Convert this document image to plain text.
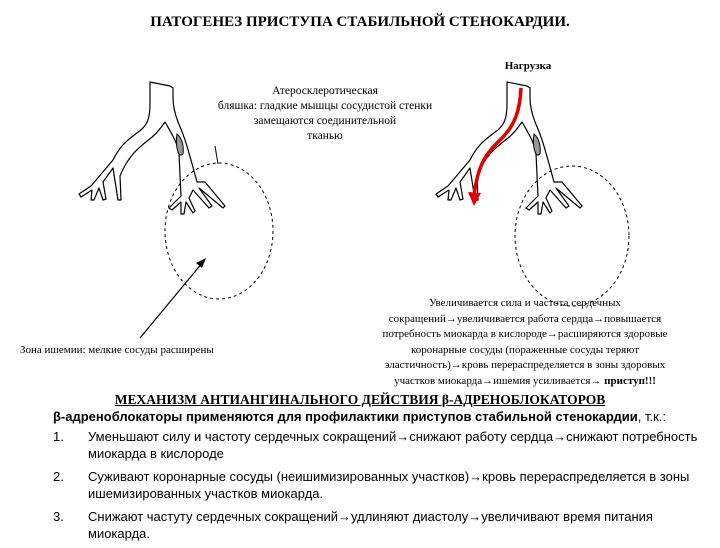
ПАТОГЕНЕЗ ПРИСТУПА СТАБИЛЬНОЙ СТЕНОКАРДИИ.
Атеросклеротическая
бляшка: гладкие мышцы сосудистой стенки
замещаются соединительной
тканью
Нагрузка
Зона ишемии: мелкие сосуды расширены
Увеличивается сила и частота сердечных
сокращений→увеличивается работа сердца→повышается
потребность миокарда в кислороде→расширяются здоровые
коронарные сосуды (пораженные сосуды теряют
эластичность)→кровь перераспределяется в зоны здоровых
участков миокарда→ишемия усиливается→ приступ!!!
МЕХАНИЗМ АНТИАНГИНАЛЬНОГО ДЕЙСТВИЯ β-АДРЕНОБЛОКАТОРОВ
β-адреноблокаторы применяются для профилактики приступов стабильной стенокардии, т.к.:
1.	Уменьшают силу и частоту сердечных сокращений→снижают работу сердца→снижают потребность миокарда в кислороде
2.	Суживают коронарные сосуды (неишимизированных участков)→кровь перераспределяется в зоны ишемизированных участков миокарда.
3.	Снижают частуту сердечных сокращений→удлиняют диастолу→увеличивают время питания миокарда.
